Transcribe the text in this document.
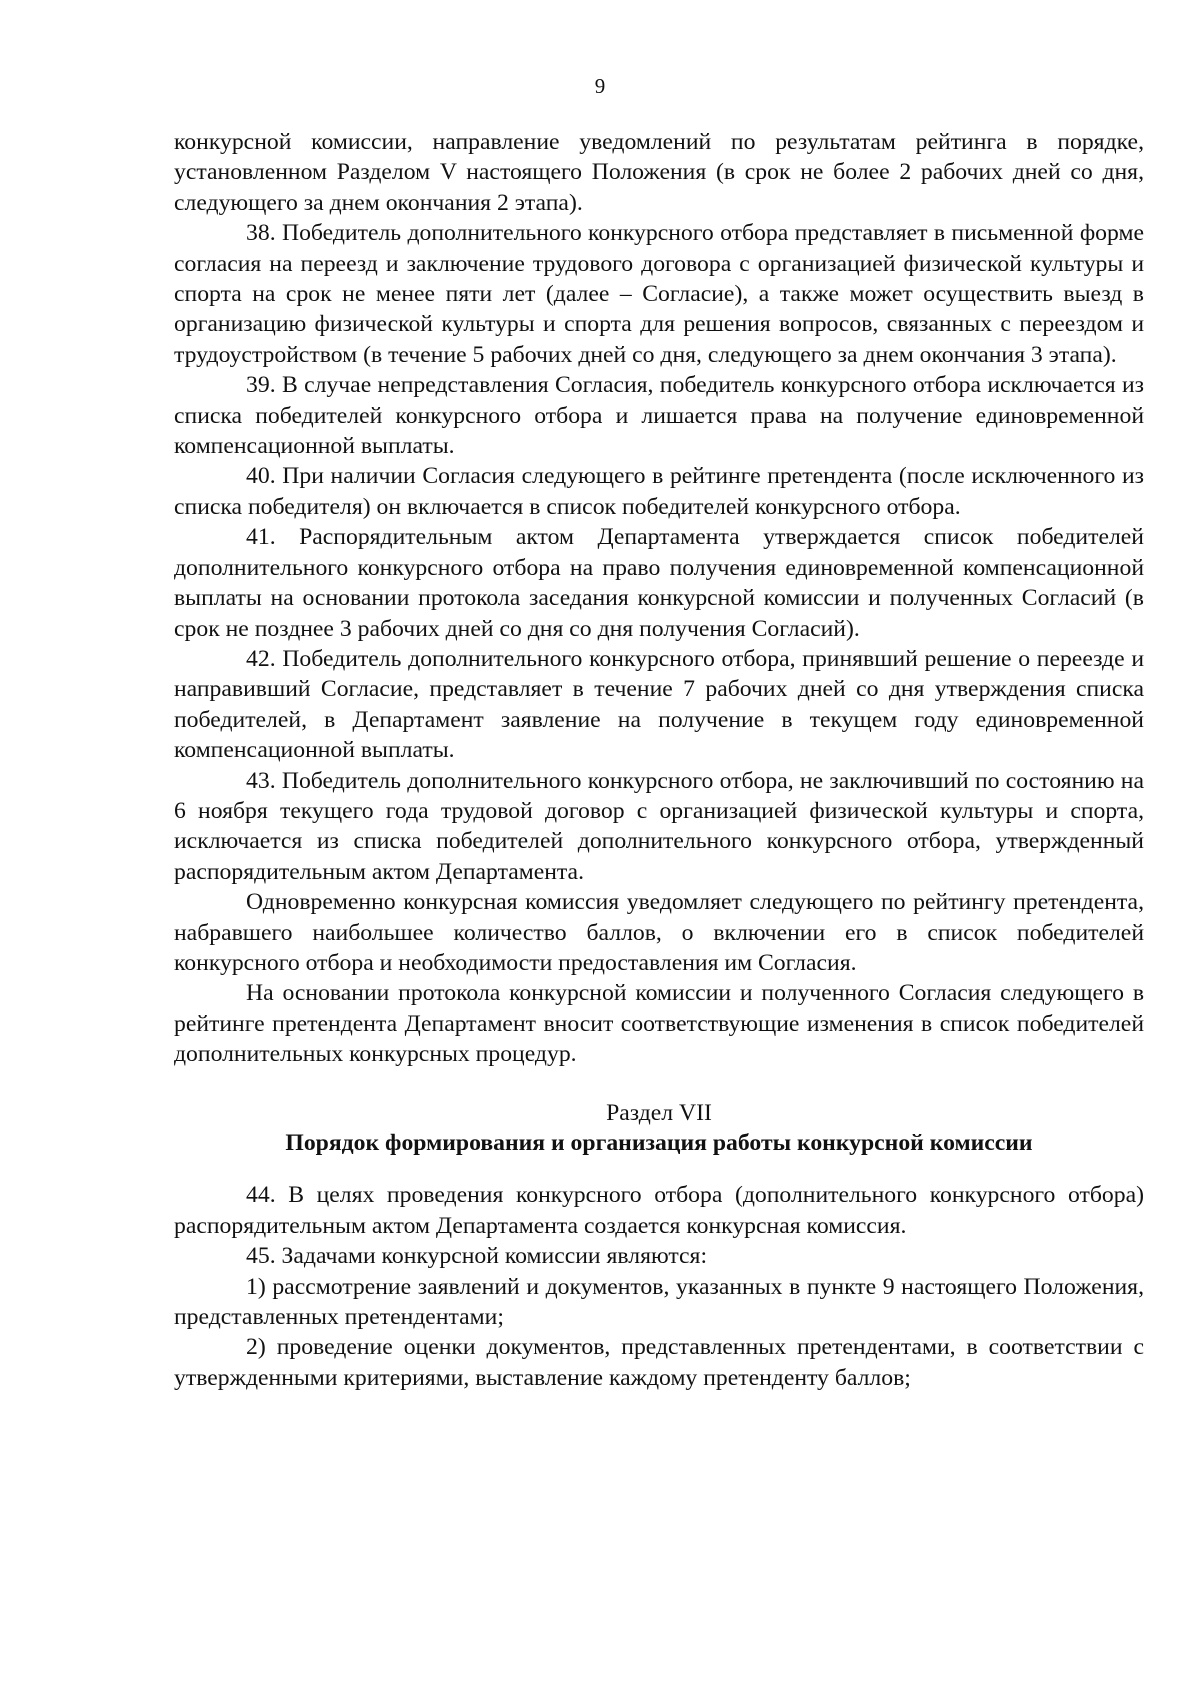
9

конкурсной комиссии, направление уведомлений по результатам рейтинга в порядке, установленном Разделом V настоящего Положения (в срок не более 2 рабочих дней со дня, следующего за днем окончания 2 этапа).

38. Победитель дополнительного конкурсного отбора представляет в письменной форме согласия на переезд и заключение трудового договора с организацией физической культуры и спорта на срок не менее пяти лет (далее – Согласие), а также может осуществить выезд в организацию физической культуры и спорта для решения вопросов, связанных с переездом и трудоустройством (в течение 5 рабочих дней со дня, следующего за днем окончания 3 этапа).

39. В случае непредставления Согласия, победитель конкурсного отбора исключается из списка победителей конкурсного отбора и лишается права на получение единовременной компенсационной выплаты.

40. При наличии Согласия следующего в рейтинге претендента (после исключенного из списка победителя) он включается в список победителей конкурсного отбора.

41. Распорядительным актом Департамента утверждается список победителей дополнительного конкурсного отбора на право получения единовременной компенсационной выплаты на основании протокола заседания конкурсной комиссии и полученных Согласий (в срок не позднее 3 рабочих дней со дня со дня получения Согласий).

42. Победитель дополнительного конкурсного отбора, принявший решение о переезде и направивший Согласие, представляет в течение 7 рабочих дней со дня утверждения списка победителей, в Департамент заявление на получение в текущем году единовременной компенсационной выплаты.

43. Победитель дополнительного конкурсного отбора, не заключивший по состоянию на 6 ноября текущего года трудовой договор с организацией физической культуры и спорта, исключается из списка победителей дополнительного конкурсного отбора, утвержденный распорядительным актом Департамента.

Одновременно конкурсная комиссия уведомляет следующего по рейтингу претендента, набравшего наибольшее количество баллов, о включении его в список победителей конкурсного отбора и необходимости предоставления им Согласия.

На основании протокола конкурсной комиссии и полученного Согласия следующего в рейтинге претендента Департамент вносит соответствующие изменения в список победителей дополнительных конкурсных процедур.

Раздел VII

Порядок формирования и организация работы конкурсной комиссии

44. В целях проведения конкурсного отбора (дополнительного конкурсного отбора) распорядительным актом Департамента создается конкурсная комиссия.

45. Задачами конкурсной комиссии являются:

1) рассмотрение заявлений и документов, указанных в пункте 9 настоящего Положения, представленных претендентами;

2) проведение оценки документов, представленных претендентами, в соответствии с утвержденными критериями, выставление каждому претенденту баллов;
